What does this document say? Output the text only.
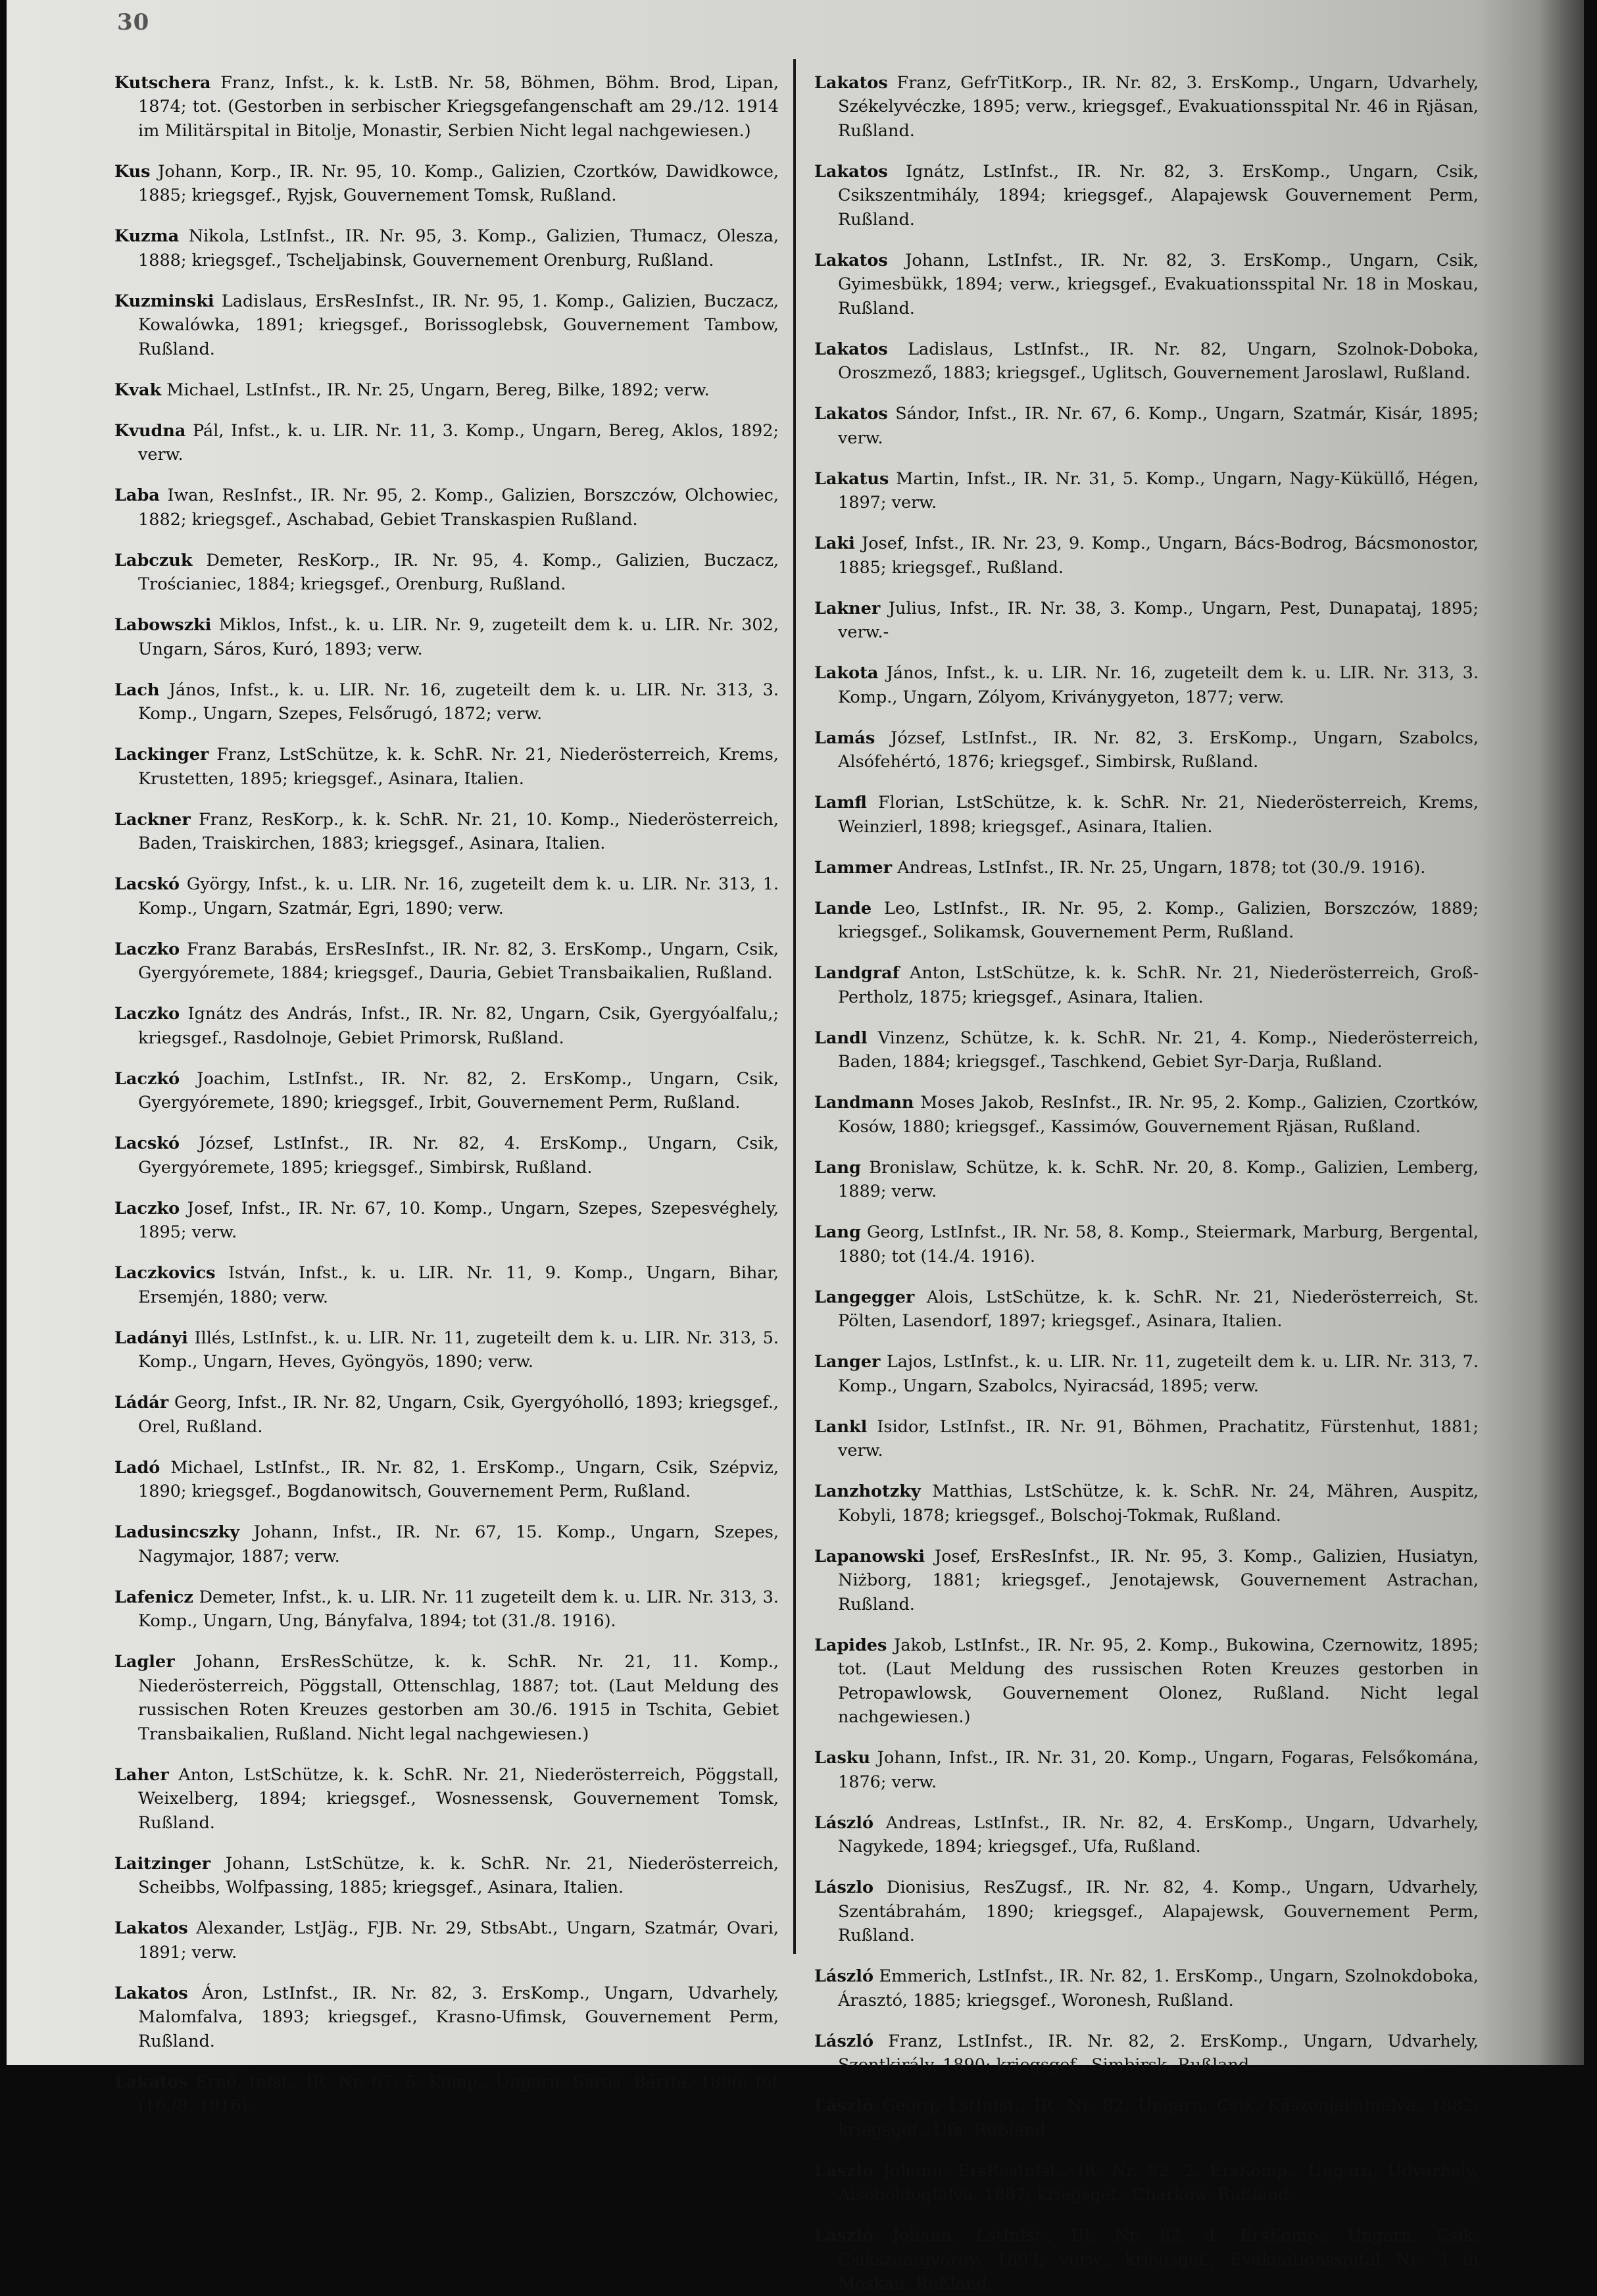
30

Kutschera Franz, Infst., k. k. LstB. Nr. 58, Böhmen, Böhm. Brod, Lipan, 1874; tot. (Gestorben in serbischer Kriegsgefangenschaft am 29./12. 1914 im Militärspital in Bitolje, Monastir, Serbien Nicht legal nachgewiesen.)

Kus Johann, Korp., IR. Nr. 95, 10. Komp., Galizien, Czortków, Dawidkowce, 1885; kriegsgef., Ryjsk, Gouvernement Tomsk, Rußland.

Kuzma Nikola, LstInfst., IR. Nr. 95, 3. Komp., Galizien, Tłumacz, Olesza, 1888; kriegsgef., Tscheljabinsk, Gouvernement Orenburg, Rußland.

Kuzminski Ladislaus, ErsResInfst., IR. Nr. 95, 1. Komp., Galizien, Buczacz, Kowalówka, 1891; kriegsgef., Borissoglebsk, Gouvernement Tambow, Rußland.

Kvak Michael, LstInfst., IR. Nr. 25, Ungarn, Bereg, Bilke, 1892; verw.

Kvudna Pál, Infst., k. u. LIR. Nr. 11, 3. Komp., Ungarn, Bereg, Aklos, 1892; verw.

Laba Iwan, ResInfst., IR. Nr. 95, 2. Komp., Galizien, Borszczów, Olchowiec, 1882; kriegsgef., Aschabad, Gebiet Transkaspien Rußland.

Labczuk Demeter, ResKorp., IR. Nr. 95, 4. Komp., Galizien, Buczacz, Trościaniec, 1884; kriegsgef., Orenburg, Rußland.

Labowszki Miklos, Infst., k. u. LIR. Nr. 9, zugeteilt dem k. u. LIR. Nr. 302, Ungarn, Sáros, Kuró, 1893; verw.

Lach János, Infst., k. u. LIR. Nr. 16, zugeteilt dem k. u. LIR. Nr. 313, 3. Komp., Ungarn, Szepes, Felsőrugó, 1872; verw.

Lackinger Franz, LstSchütze, k. k. SchR. Nr. 21, Niederösterreich, Krems, Krustetten, 1895; kriegsgef., Asinara, Italien.

Lackner Franz, ResKorp., k. k. SchR. Nr. 21, 10. Komp., Niederösterreich, Baden, Traiskirchen, 1883; kriegsgef., Asinara, Italien.

Lacskó György, Infst., k. u. LIR. Nr. 16, zugeteilt dem k. u. LIR. Nr. 313, 1. Komp., Ungarn, Szatmár, Egri, 1890; verw.

Laczko Franz Barabás, ErsResInfst., IR. Nr. 82, 3. ErsKomp., Ungarn, Csik, Gyergyóremete, 1884; kriegsgef., Dauria, Gebiet Transbaikalien, Rußland.

Laczko Ignátz des András, Infst., IR. Nr. 82, Ungarn, Csik, Gyergyóalfalu,; kriegsgef., Rasdolnoje, Gebiet Primorsk, Rußland.

Laczkó Joachim, LstInfst., IR. Nr. 82, 2. ErsKomp., Ungarn, Csik, Gyergyóremete, 1890; kriegsgef., Irbit, Gouvernement Perm, Rußland.

Lacskó József, LstInfst., IR. Nr. 82, 4. ErsKomp., Ungarn, Csik, Gyergyóremete, 1895; kriegsgef., Simbirsk, Rußland.

Laczko Josef, Infst., IR. Nr. 67, 10. Komp., Ungarn, Szepes, Szepesvéghely, 1895; verw.

Laczkovics István, Infst., k. u. LIR. Nr. 11, 9. Komp., Ungarn, Bihar, Ersemjén, 1880; verw.

Ladányi Illés, LstInfst., k. u. LIR. Nr. 11, zugeteilt dem k. u. LIR. Nr. 313, 5. Komp., Ungarn, Heves, Gyöngyös, 1890; verw.

Ládár Georg, Infst., IR. Nr. 82, Ungarn, Csik, Gyergyóholló, 1893; kriegsgef., Orel, Rußland.

Ladó Michael, LstInfst., IR. Nr. 82, 1. ErsKomp., Ungarn, Csik, Szépviz, 1890; kriegsgef., Bogdanowitsch, Gouvernement Perm, Rußland.

Ladusincszky Johann, Infst., IR. Nr. 67, 15. Komp., Ungarn, Szepes, Nagymajor, 1887; verw.

Lafenicz Demeter, Infst., k. u. LIR. Nr. 11 zugeteilt dem k. u. LIR. Nr. 313, 3. Komp., Ungarn, Ung, Bányfalva, 1894; tot (31./8. 1916).

Lagler Johann, ErsResSchütze, k. k. SchR. Nr. 21, 11. Komp., Niederösterreich, Pöggstall, Ottenschlag, 1887; tot. (Laut Meldung des russischen Roten Kreuzes gestorben am 30./6. 1915 in Tschita, Gebiet Transbaikalien, Rußland. Nicht legal nachgewiesen.)

Laher Anton, LstSchütze, k. k. SchR. Nr. 21, Niederösterreich, Pöggstall, Weixelberg, 1894; kriegsgef., Wosnessensk, Gouvernement Tomsk, Rußland.

Laitzinger Johann, LstSchütze, k. k. SchR. Nr. 21, Niederösterreich, Scheibbs, Wolfpassing, 1885; kriegsgef., Asinara, Italien.

Lakatos Alexander, LstJäg., FJB. Nr. 29, StbsAbt., Ungarn, Szatmár, Ovari, 1891; verw.

Lakatos Áron, LstInfst., IR. Nr. 82, 3. ErsKomp., Ungarn, Udvarhely, Malomfalva, 1893; kriegsgef., Krasno-Ufimsk, Gouvernement Perm, Rußland.

Lakatos Ernö, Infst., IR. Nr. 67, 5. Komp., Ungarn, Sáros, Bártfa, 1896; tot (16./8. 1916).

Lakatos Franz, GefrTitKorp., IR. Nr. 82, 3. ErsKomp., Ungarn, Udvarhely, Székelyvéczke, 1895; verw., kriegsgef., Evakuationsspital Nr. 46 in Rjäsan, Rußland.

Lakatos Ignátz, LstInfst., IR. Nr. 82, 3. ErsKomp., Ungarn, Csik, Csikszentmihály, 1894; kriegsgef., Alapajewsk Gouvernement Perm, Rußland.

Lakatos Johann, LstInfst., IR. Nr. 82, 3. ErsKomp., Ungarn, Csik, Gyimesbükk, 1894; verw., kriegsgef., Evakuationsspital Nr. 18 in Moskau, Rußland.

Lakatos Ladislaus, LstInfst., IR. Nr. 82, Ungarn, Szolnok-Doboka, Oroszmező, 1883; kriegsgef., Uglitsch, Gouvernement Jaroslawl, Rußland.

Lakatos Sándor, Infst., IR. Nr. 67, 6. Komp., Ungarn, Szatmár, Kisár, 1895; verw.

Lakatus Martin, Infst., IR. Nr. 31, 5. Komp., Ungarn, Nagy-Küküllő, Hégen, 1897; verw.

Laki Josef, Infst., IR. Nr. 23, 9. Komp., Ungarn, Bács-Bodrog, Bácsmonostor, 1885; kriegsgef., Rußland.

Lakner Julius, Infst., IR. Nr. 38, 3. Komp., Ungarn, Pest, Dunapataj, 1895; verw.-

Lakota János, Infst., k. u. LIR. Nr. 16, zugeteilt dem k. u. LIR. Nr. 313, 3. Komp., Ungarn, Zólyom, Kriványgyeton, 1877; verw.

Lamás József, LstInfst., IR. Nr. 82, 3. ErsKomp., Ungarn, Szabolcs, Alsófehértó, 1876; kriegsgef., Simbirsk, Rußland.

Lamfl Florian, LstSchütze, k. k. SchR. Nr. 21, Niederösterreich, Krems, Weinzierl, 1898; kriegsgef., Asinara, Italien.

Lammer Andreas, LstInfst., IR. Nr. 25, Ungarn, 1878; tot (30./9. 1916).

Lande Leo, LstInfst., IR. Nr. 95, 2. Komp., Galizien, Borszczów, 1889; kriegsgef., Solikamsk, Gouvernement Perm, Rußland.

Landgraf Anton, LstSchütze, k. k. SchR. Nr. 21, Niederösterreich, Groß-Pertholz, 1875; kriegsgef., Asinara, Italien.

Landl Vinzenz, Schütze, k. k. SchR. Nr. 21, 4. Komp., Niederösterreich, Baden, 1884; kriegsgef., Taschkend, Gebiet Syr-Darja, Rußland.

Landmann Moses Jakob, ResInfst., IR. Nr. 95, 2. Komp., Galizien, Czortków, Kosów, 1880; kriegsgef., Kassimów, Gouvernement Rjäsan, Rußland.

Lang Bronislaw, Schütze, k. k. SchR. Nr. 20, 8. Komp., Galizien, Lemberg, 1889; verw.

Lang Georg, LstInfst., IR. Nr. 58, 8. Komp., Steiermark, Marburg, Bergental, 1880; tot (14./4. 1916).

Langegger Alois, LstSchütze, k. k. SchR. Nr. 21, Niederösterreich, St. Pölten, Lasendorf, 1897; kriegsgef., Asinara, Italien.

Langer Lajos, LstInfst., k. u. LIR. Nr. 11, zugeteilt dem k. u. LIR. Nr. 313, 7. Komp., Ungarn, Szabolcs, Nyiracsád, 1895; verw.

Lankl Isidor, LstInfst., IR. Nr. 91, Böhmen, Prachatitz, Fürstenhut, 1881; verw.

Lanzhotzky Matthias, LstSchütze, k. k. SchR. Nr. 24, Mähren, Auspitz, Kobyli, 1878; kriegsgef., Bolschoj-Tokmak, Rußland.

Lapanowski Josef, ErsResInfst., IR. Nr. 95, 3. Komp., Galizien, Husiatyn, Niżborg, 1881; kriegsgef., Jenotajewsk, Gouvernement Astrachan, Rußland.

Lapides Jakob, LstInfst., IR. Nr. 95, 2. Komp., Bukowina, Czernowitz, 1895; tot. (Laut Meldung des russischen Roten Kreuzes gestorben in Petropawlowsk, Gouvernement Olonez, Rußland. Nicht legal nachgewiesen.)

Lasku Johann, Infst., IR. Nr. 31, 20. Komp., Ungarn, Fogaras, Felsőkomána, 1876; verw.

László Andreas, LstInfst., IR. Nr. 82, 4. ErsKomp., Ungarn, Udvarhely, Nagykede, 1894; kriegsgef., Ufa, Rußland.

Lászlo Dionisius, ResZugsf., IR. Nr. 82, 4. Komp., Ungarn, Udvarhely, Szentábrahám, 1890; kriegsgef., Alapajewsk, Gouvernement Perm, Rußland.

László Emmerich, LstInfst., IR. Nr. 82, 1. ErsKomp., Ungarn, Szolnokdoboka, Árasztó, 1885; kriegsgef., Woronesh, Rußland.

László Franz, LstInfst., IR. Nr. 82, 2. ErsKomp., Ungarn, Udvarhely, Szentkirály, 1890; kriegsgef., Simbirsk, Rußland.

László Georg, LstInfst., IR. Nr. 82, Ungarn, Csik, Kászonjakabfalva, 1882; kriegsgef., Ufa, Rußland.

Lászlo Johann, ErsResInfst., IR. Nr. 82, 2. ErsKomp., Ungarn, Udvarhely, Alsóboldogfalva, 1887; kriegsgef., Charkow, Rußland.

László Johann, LstInfst., IR. Nr. 82, 4. ErsKomp., Ungarn, Csik, Csikszentgyörgy, 1893; verw., kriegsgef., Evakuationsspital Nr. 3 in Moskau, Rußland.
